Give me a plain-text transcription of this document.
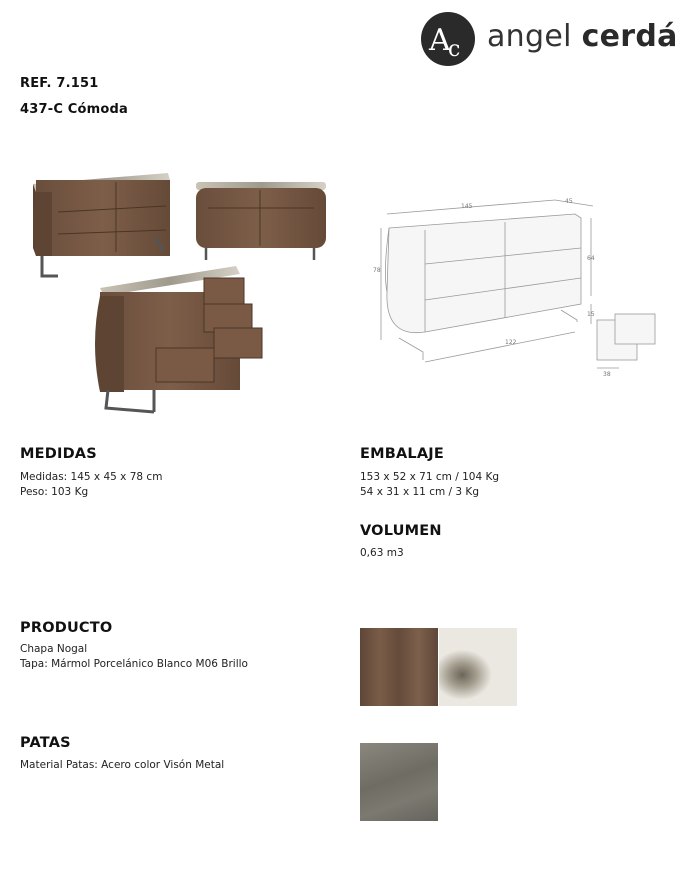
A
c angel cerdá
REF. 7.151
437-C Cómoda
145
45
78
64
15
122
38
MEDIDAS
Medidas: 145 x 45 x 78 cm
Peso: 103 Kg
EMBALAJE
153 x 52 x 71 cm / 104 Kg
54 x 31 x 11 cm / 3 Kg
VOLUMEN
0,63 m3
PRODUCTO
Chapa Nogal
Tapa: Mármol Porcelánico Blanco M06 Brillo
PATAS
Material Patas: Acero color Visón Metal
